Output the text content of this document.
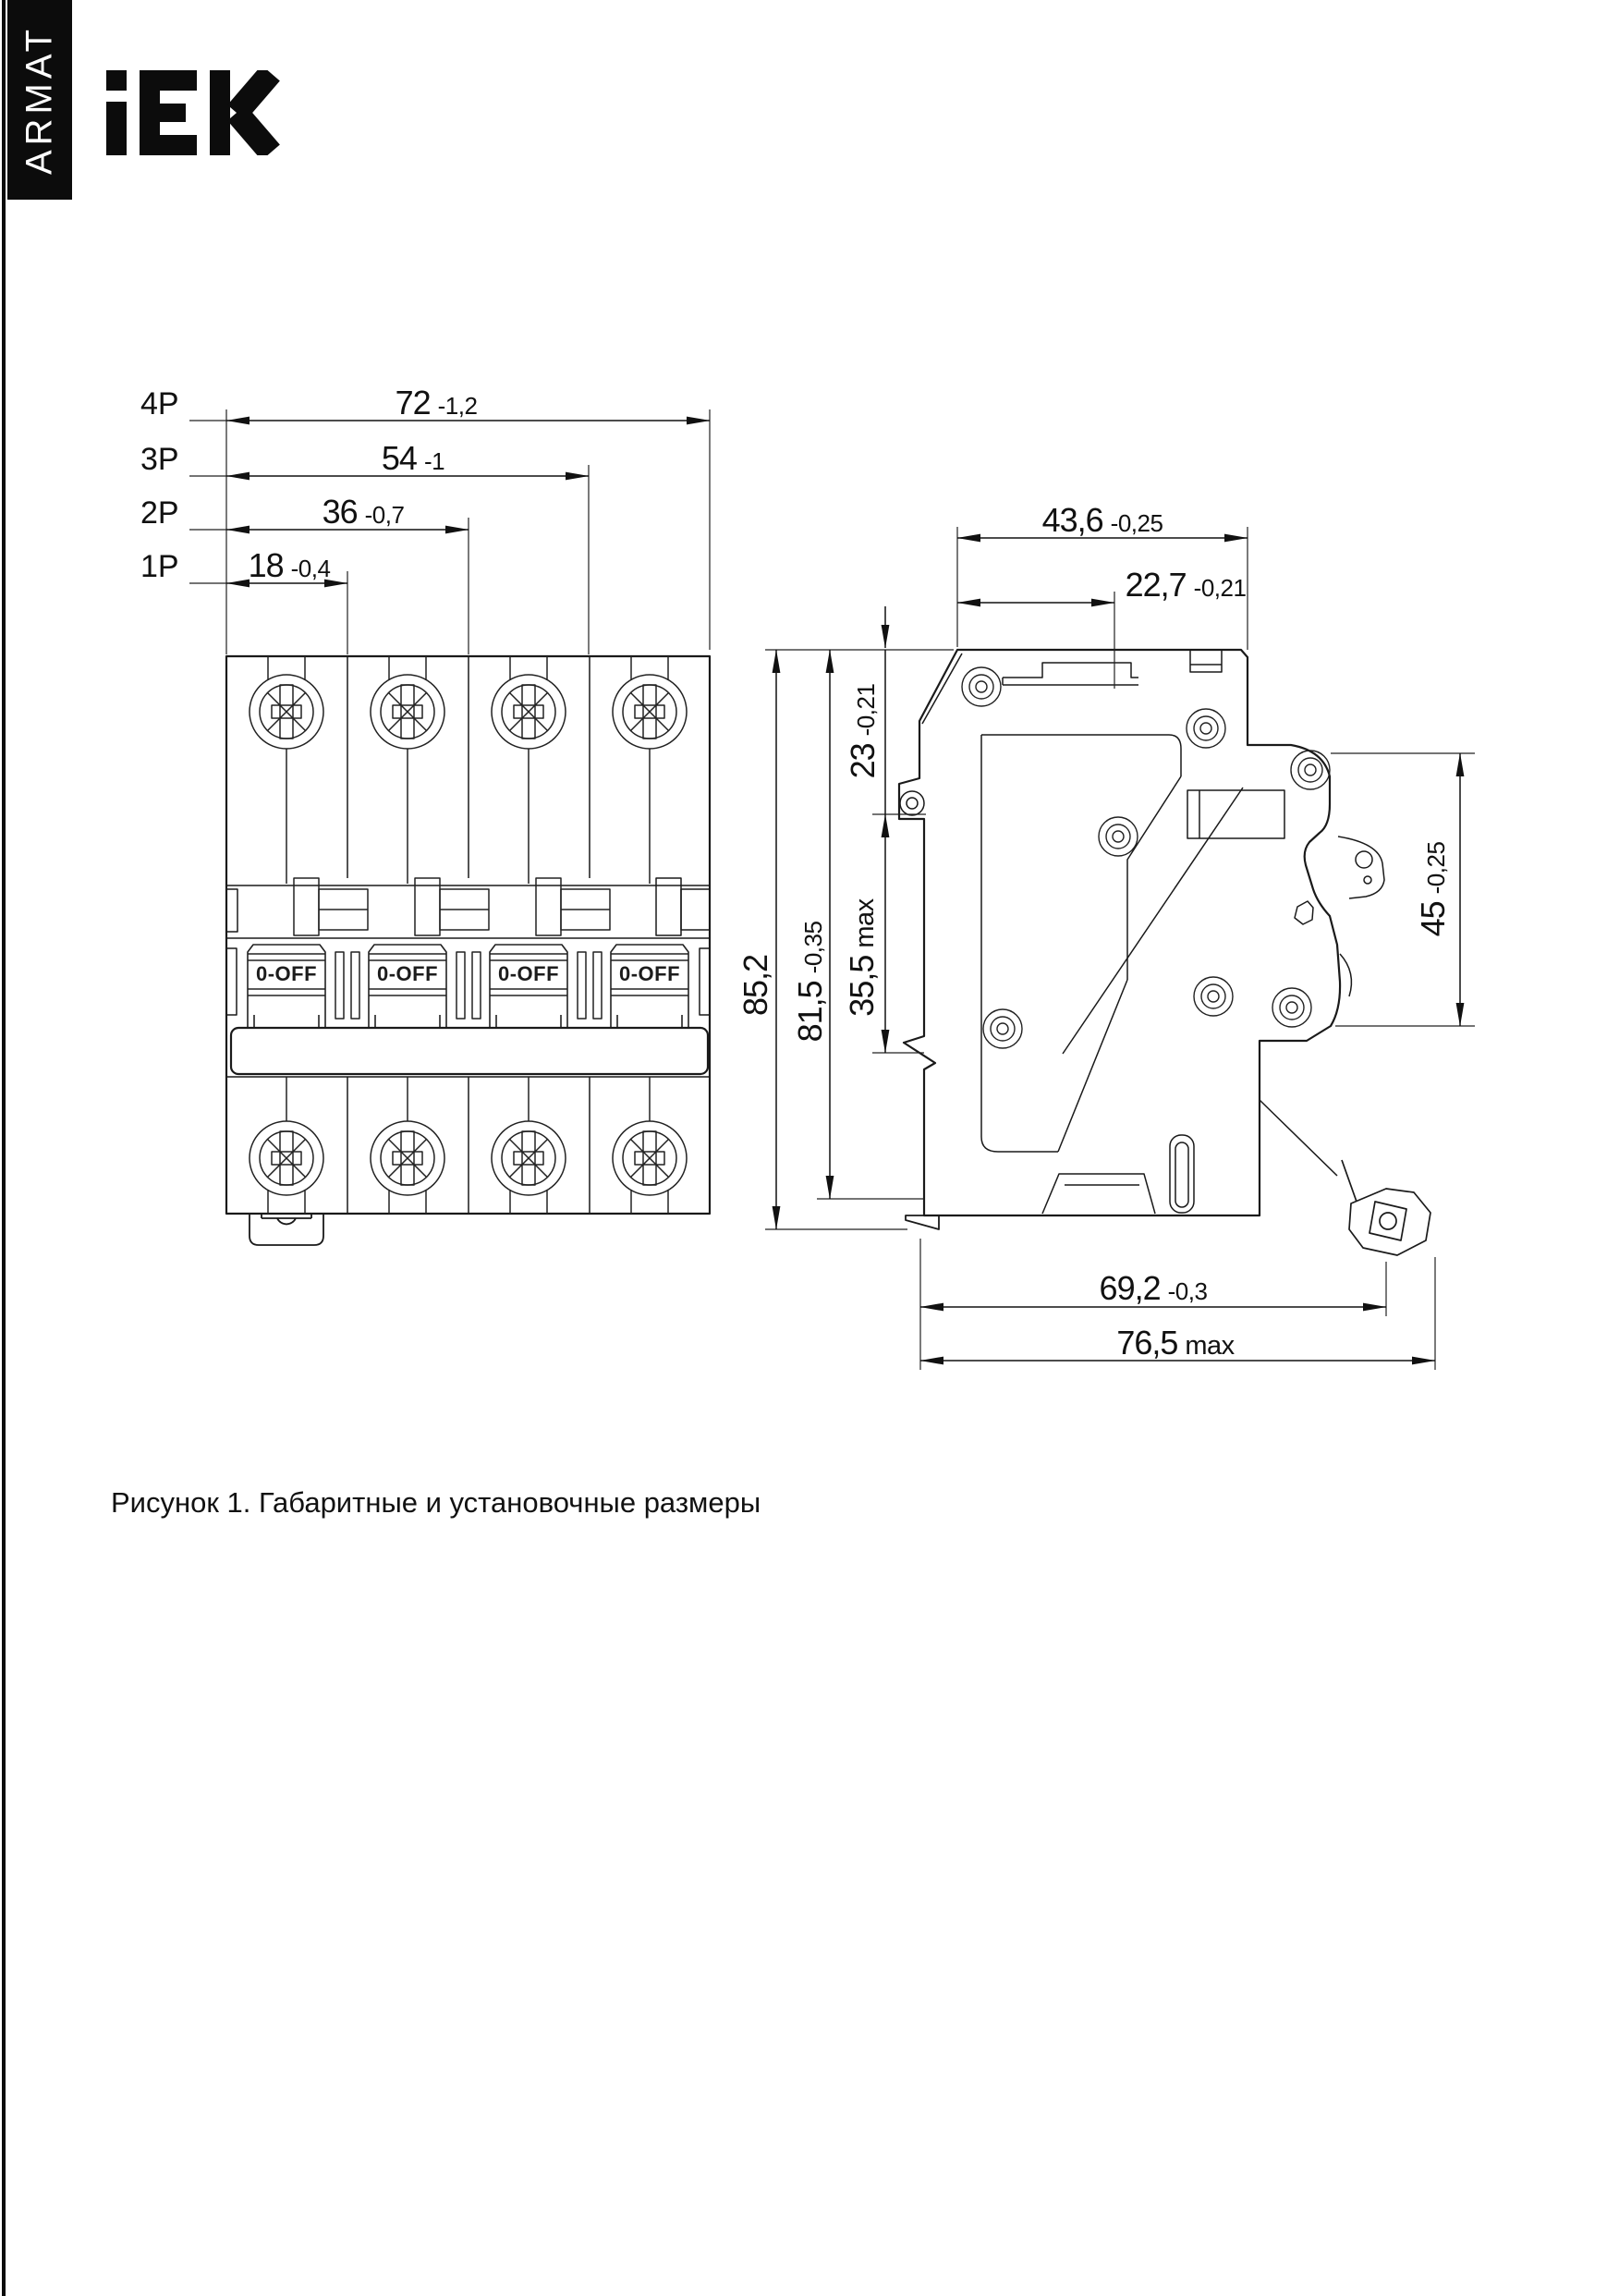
ARMAT
4P
3P
2P
1P
72 -1,2
54 -1
36 -0,7
18 -0,4
0-OFF	0-OFF	0-OFF	0-OFF
43,6 -0,25
22,7 -0,21
85,2 81,5-0,35
35,5max
23-0,21
45-0,25
69,2 -0,3
76,5 max
Рисунок 1. Габаритные и установочные размеры
